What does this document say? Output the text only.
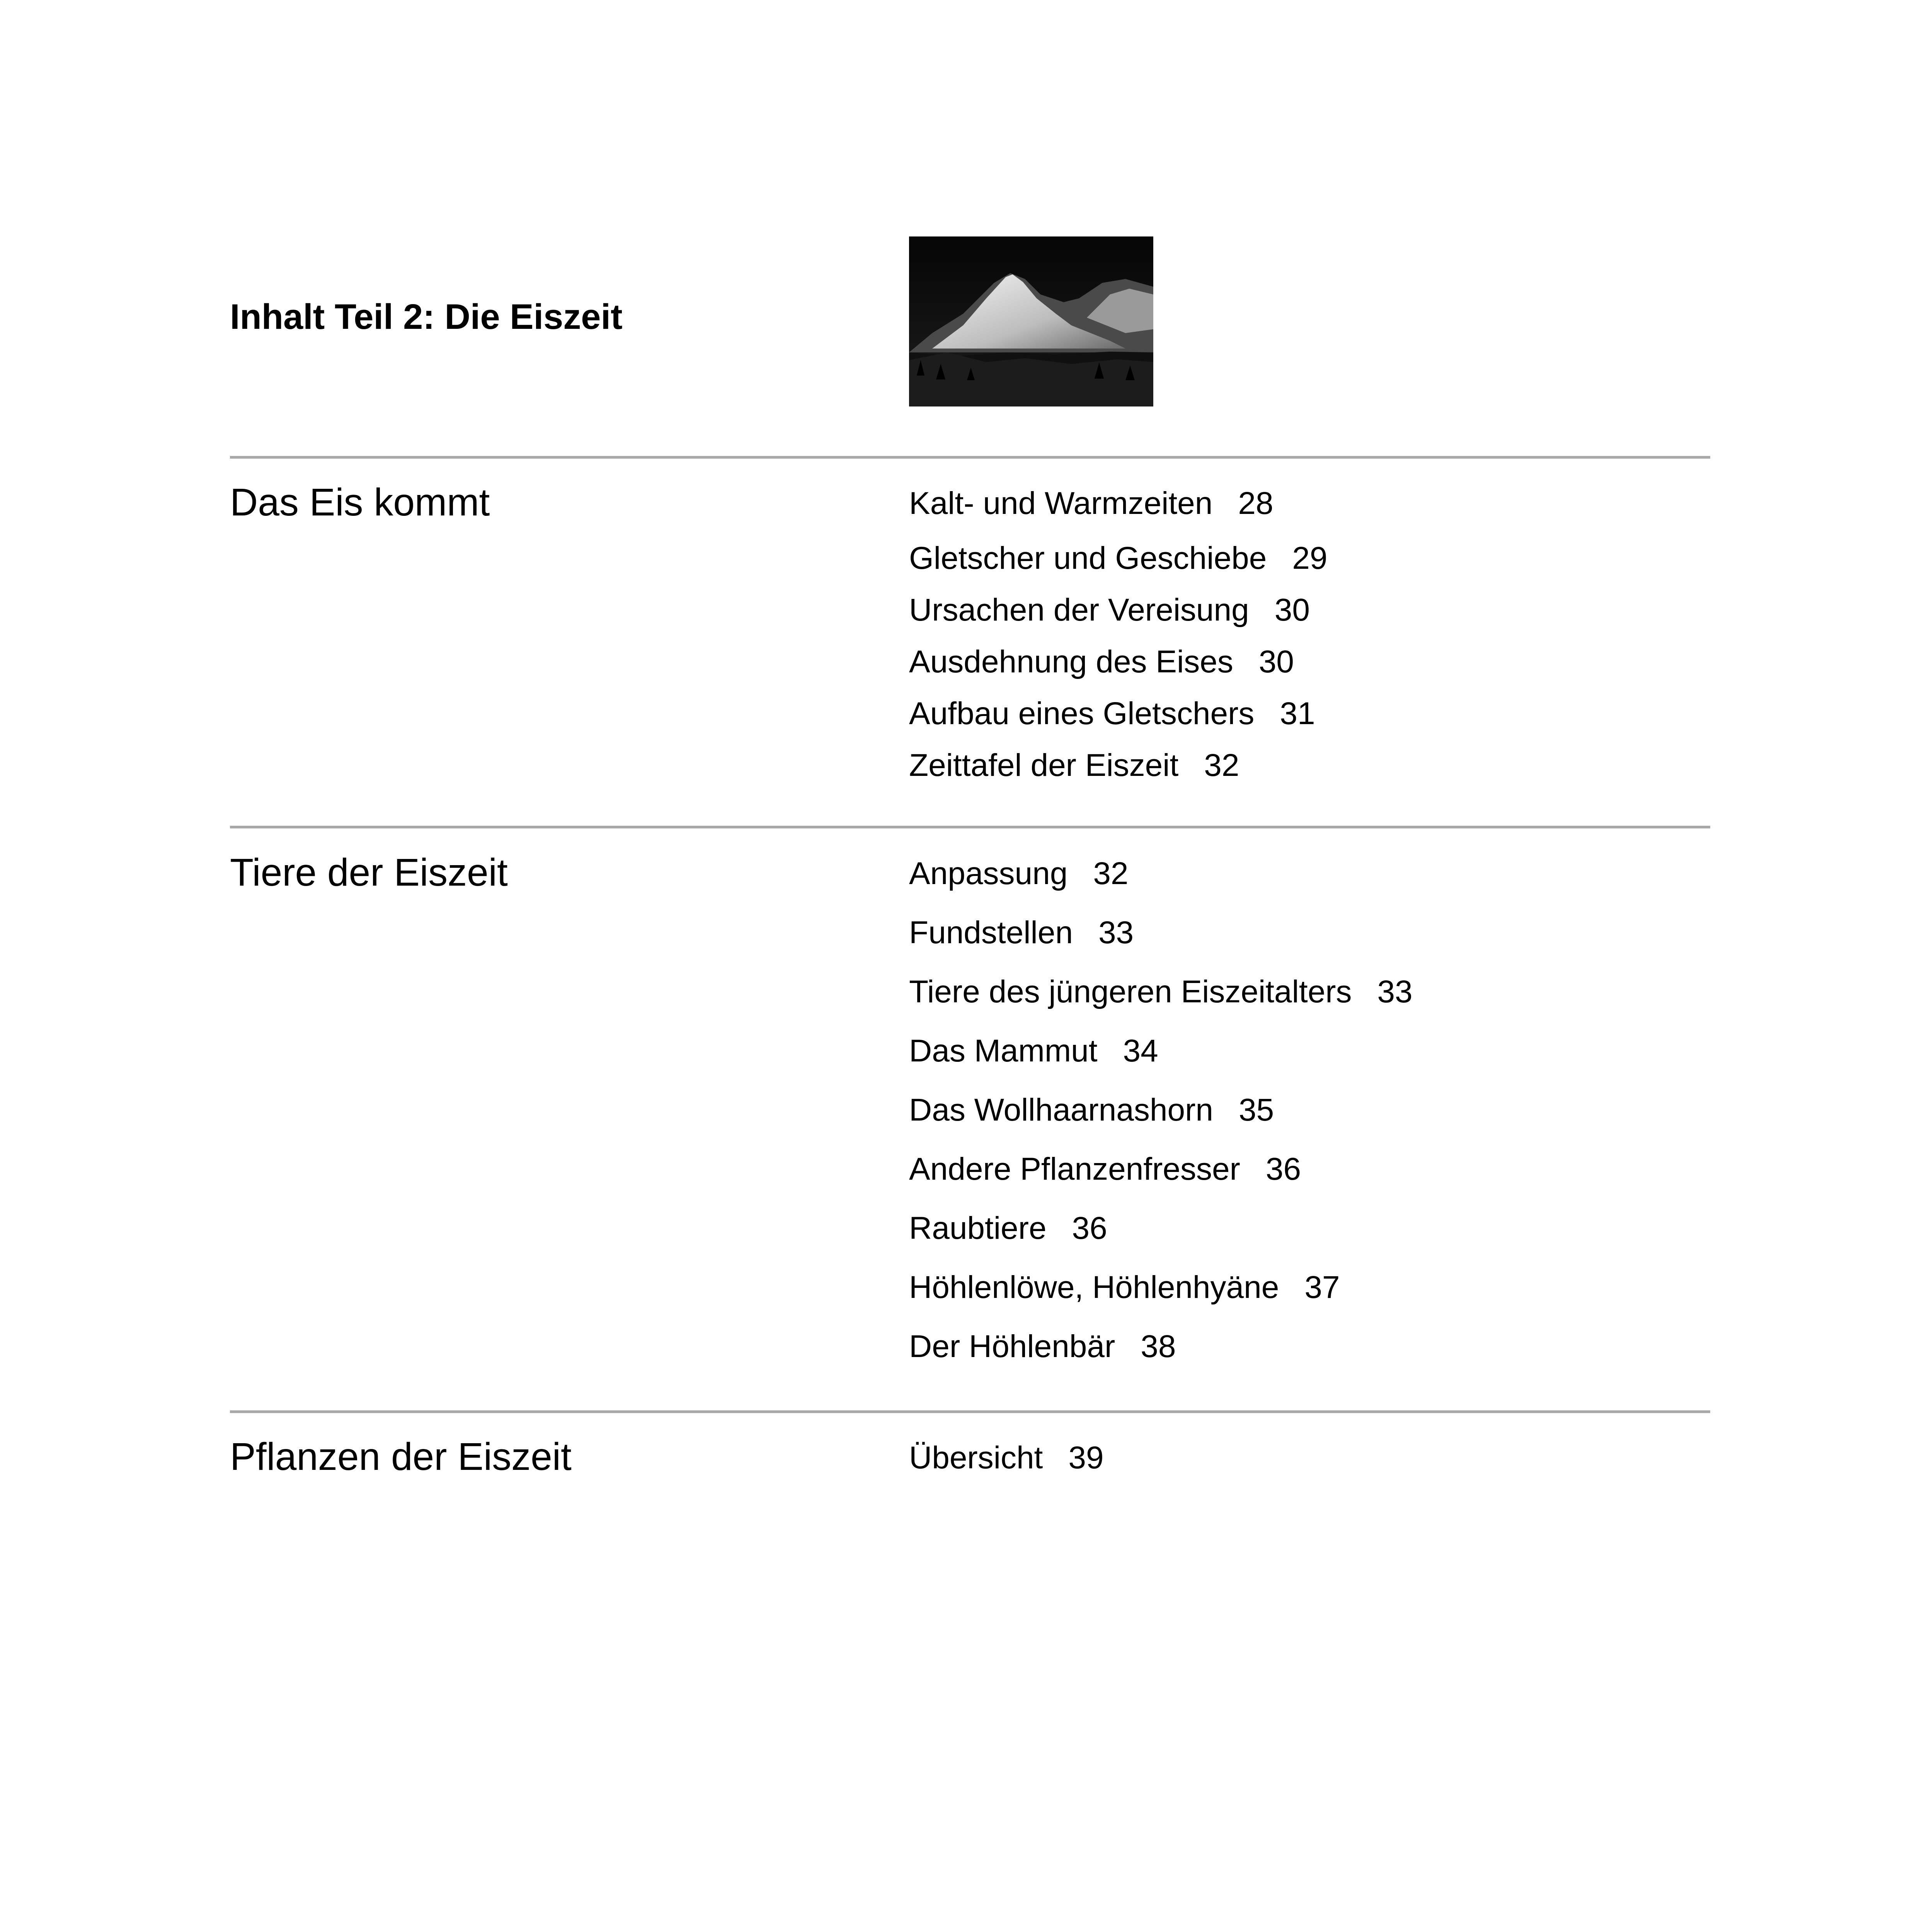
Inhalt Teil 2: Die Eiszeit
Das Eis kommt	Kalt- und Warmzeiten 28
Gletscher und Geschiebe 29
Ursachen der Vereisung 30
Ausdehnung des Eises 30
Aufbau eines Gletschers 31
Zeittafel der Eiszeit 32
Tiere der Eiszeit	Anpassung 32
Fundstellen 33
Tiere des jüngeren Eiszeitalters 33
Das Mammut 34
Das Wollhaarnashorn 35
Andere Pflanzenfresser 36
Raubtiere 36
Höhlenlöwe, Höhlenhyäne 37
Der Höhlenbär 38
Pflanzen der Eiszeit	Übersicht 39
